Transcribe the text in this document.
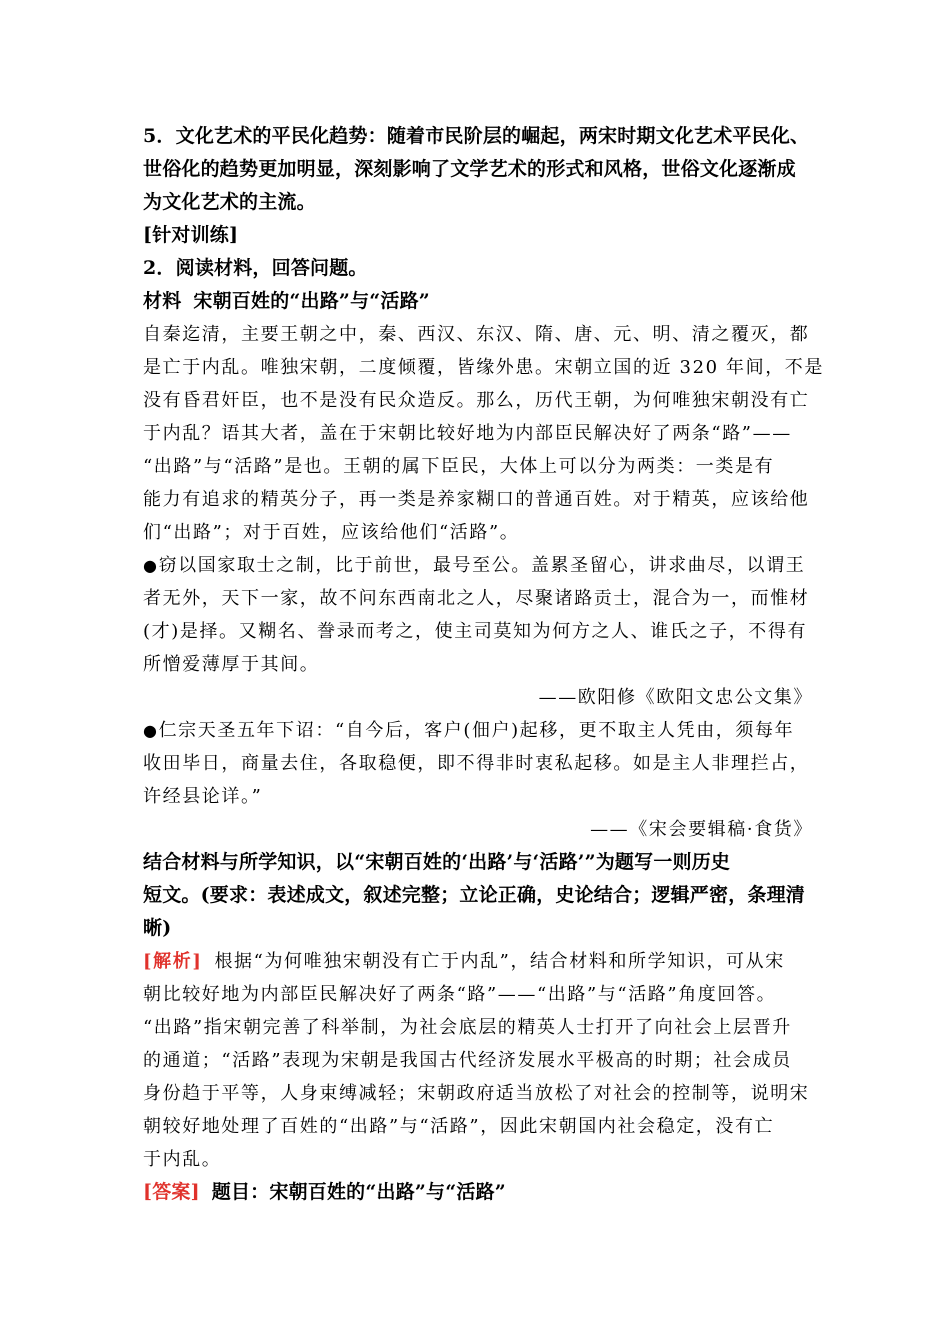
5．文化艺术的平民化趋势：随着市民阶层的崛起，两宋时期文化艺术平民化、
世俗化的趋势更加明显，深刻影响了文学艺术的形式和风格，世俗文化逐渐成
为文化艺术的主流。
[针对训练]
2．阅读材料，回答问题。
材料 宋朝百姓的“出路”与“活路”
自秦迄清，主要王朝之中，秦、西汉、东汉、隋、唐、元、明、清之覆灭，都
是亡于内乱。唯独宋朝，二度倾覆，皆缘外患。宋朝立国的近 320 年间，不是
没有昏君奸臣，也不是没有民众造反。那么，历代王朝，为何唯独宋朝没有亡
于内乱？语其大者，盖在于宋朝比较好地为内部臣民解决好了两条“路”——
“出路”与“活路”是也。王朝的属下臣民，大体上可以分为两类：一类是有
能力有追求的精英分子，再一类是养家糊口的普通百姓。对于精英，应该给他
们“出路”；对于百姓，应该给他们“活路”。
●窃以国家取士之制，比于前世，最号至公。盖累圣留心，讲求曲尽，以谓王
者无外，天下一家，故不问东西南北之人，尽聚诸路贡士，混合为一，而惟材
(才)是择。又糊名、誊录而考之，使主司莫知为何方之人、谁氏之子，不得有
所憎爱薄厚于其间。
——欧阳修《欧阳文忠公文集》
●仁宗天圣五年下诏：“自今后，客户(佃户)起移，更不取主人凭由，须每年
收田毕日，商量去住，各取稳便，即不得非时衷私起移。如是主人非理拦占，
许经县论详。”
——《宋会要辑稿·食货》
结合材料与所学知识，以“宋朝百姓的‘出路’与‘活路’”为题写一则历史
短文。(要求：表述成文，叙述完整；立论正确，史论结合；逻辑严密，条理清
晰)
[解析] 根据“为何唯独宋朝没有亡于内乱”，结合材料和所学知识，可从宋
朝比较好地为内部臣民解决好了两条“路”——“出路”与“活路”角度回答。
“出路”指宋朝完善了科举制，为社会底层的精英人士打开了向社会上层晋升
的通道；“活路”表现为宋朝是我国古代经济发展水平极高的时期；社会成员
身份趋于平等，人身束缚减轻；宋朝政府适当放松了对社会的控制等，说明宋
朝较好地处理了百姓的“出路”与“活路”，因此宋朝国内社会稳定，没有亡
于内乱。
[答案] 题目：宋朝百姓的“出路”与“活路”
